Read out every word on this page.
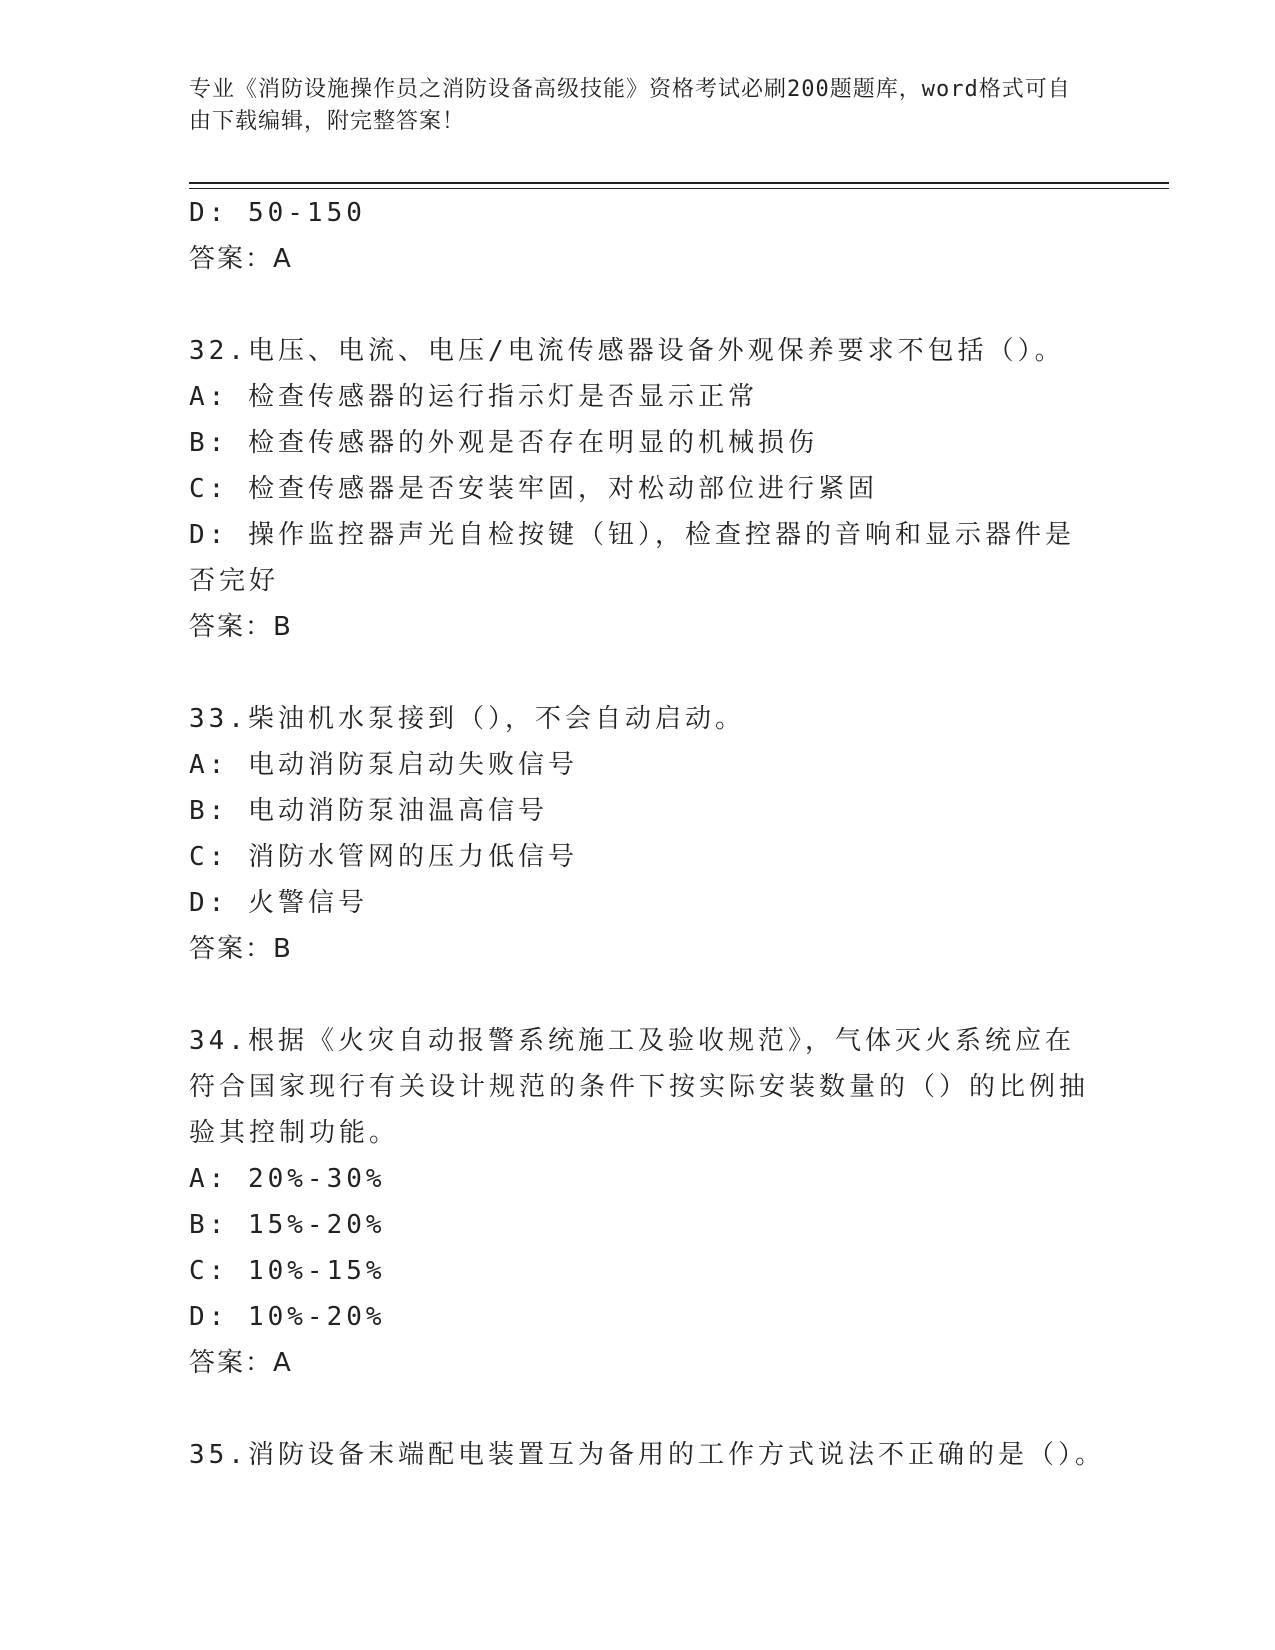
专业《消防设施操作员之消防设备高级技能》资格考试必刷200题题库，word格式可自由下载编辑，附完整答案！
D: 50-150
答案：A
32.电压、电流、电压/电流传感器设备外观保养要求不包括（）。
A: 检查传感器的运行指示灯是否显示正常
B: 检查传感器的外观是否存在明显的机械损伤
C: 检查传感器是否安装牢固，对松动部位进行紧固
D: 操作监控器声光自检按键（钮），检查控器的音响和显示器件是否完好
答案：B
33.柴油机水泵接到（），不会自动启动。
A: 电动消防泵启动失败信号
B: 电动消防泵油温高信号
C: 消防水管网的压力低信号
D: 火警信号
答案：B
34.根据《火灾自动报警系统施工及验收规范》，气体灭火系统应在符合国家现行有关设计规范的条件下按实际安装数量的（）的比例抽验其控制功能。
A: 20%-30%
B: 15%-20%
C: 10%-15%
D: 10%-20%
答案：A
35.消防设备末端配电装置互为备用的工作方式说法不正确的是（）。
